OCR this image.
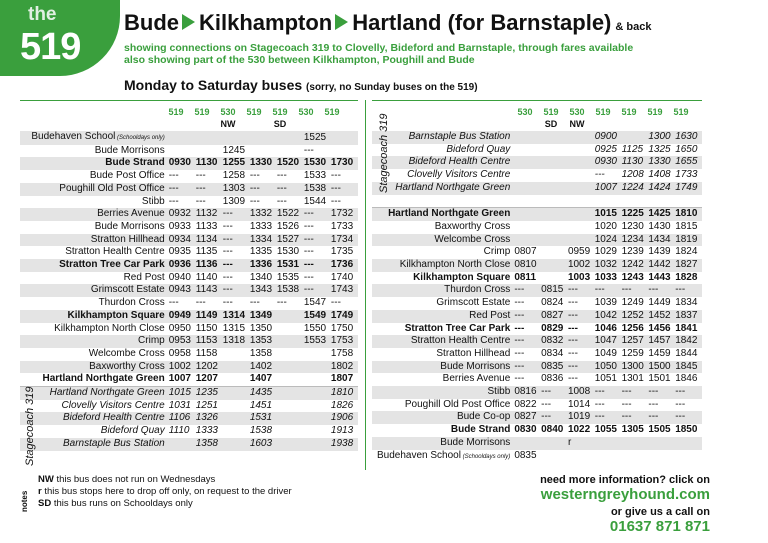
the
519
Bude Kilkhampton Hartland (for Barnstaple) & back
showing connections on Stagecoach 319 to Clovelly, Bideford and Barnstaple, through fares available
also showing part of the 530 between Kilkhampton, Poughill and Bude
Monday to Saturday buses (sorry, no Sunday buses on the 519)
519 519 530 519 519 530 519
NW	SD
530 519 530 519 519 519 519
SD NW
Budehaven School (Schooldays only)						1525	
Bude Morrisons			1245			---	
Bude Strand	0930	1130	1255	1330	1520	1530	1730
Bude Post Office	---	---	1258	---	---	1533	---
Poughill Old Post Office	---	---	1303	---	---	1538	---
Stibb	---	---	1309	---	---	1544	---
Berries Avenue	0932	1132	---	1332	1522	---	1732
Bude Morrisons	0933	1133	---	1333	1526	---	1733
Stratton Hillhead	0934	1134	---	1334	1527	---	1734
Stratton Health Centre	0935	1135	---	1335	1530	---	1735
Stratton Tree Car Park	0936	1136	---	1336	1531	---	1736
Red Post	0940	1140	---	1340	1535	---	1740
Grimscott Estate	0943	1143	---	1343	1538	---	1743
Thurdon Cross	---	---	---	---	---	1547	---
Kilkhampton Square	0949	1149	1314	1349		1549	1749
Kilkhampton North Close	0950	1150	1315	1350		1550	1750
Crimp	0953	1153	1318	1353		1553	1753
Welcombe Cross	0958	1158		1358			1758
Baxworthy Cross	1002	1202		1402			1802
Hartland Northgate Green	1007	1207		1407			1807
Hartland Northgate Green	1015	1235		1435			1810
Clovelly Visitors Centre	1031	1251		1451			1826
Bideford Health Centre	1106	1326		1531			1906
Bideford Quay	1110	1333		1538			1913
Barnstaple Bus Station		1358		1603			1938
Barnstaple Bus Station				0900		1300	1630
Bideford Quay				0925	1125	1325	1650
Bideford Health Centre				0930	1130	1330	1655
Clovelly Visitors Centre				---	1208	1408	1733
Hartland Northgate Green				1007	1224	1424	1749

Hartland Northgate Green				1015	1225	1425	1810
Baxworthy Cross				1020	1230	1430	1815
Welcombe Cross				1024	1234	1434	1819
Crimp	0807		0959	1029	1239	1439	1824
Kilkhampton North Close	0810		1002	1032	1242	1442	1827
Kilkhampton Square	0811		1003	1033	1243	1443	1828
Thurdon Cross	---	0815	---	---	---	---	---
Grimscott Estate	---	0824	---	1039	1249	1449	1834
Red Post	---	0827	---	1042	1252	1452	1837
Stratton Tree Car Park	---	0829	---	1046	1256	1456	1841
Stratton Health Centre	---	0832	---	1047	1257	1457	1842
Stratton Hillhead	---	0834	---	1049	1259	1459	1844
Bude Morrisons	---	0835	---	1050	1300	1500	1845
Berries Avenue	---	0836	---	1051	1301	1501	1846
Stibb	0816	---	1008	---	---	---	---
Poughill Old Post Office	0822	---	1014	---	---	---	---
Bude Co-op	0827	---	1019	---	---	---	---
Bude Strand	0830	0840	1022	1055	1305	1505	1850
Bude Morrisons			r				
Budehaven School (Schooldays only)	0835						
Stagecoach 319
Stagecoach 319
notes
NW this bus does not run on Wednesdays
r this bus stops here to drop off only, on request to the driver
SD this bus runs on Schooldays only
need more information? click on
westerngreyhound.com
or give us a call on
01637 871 871
